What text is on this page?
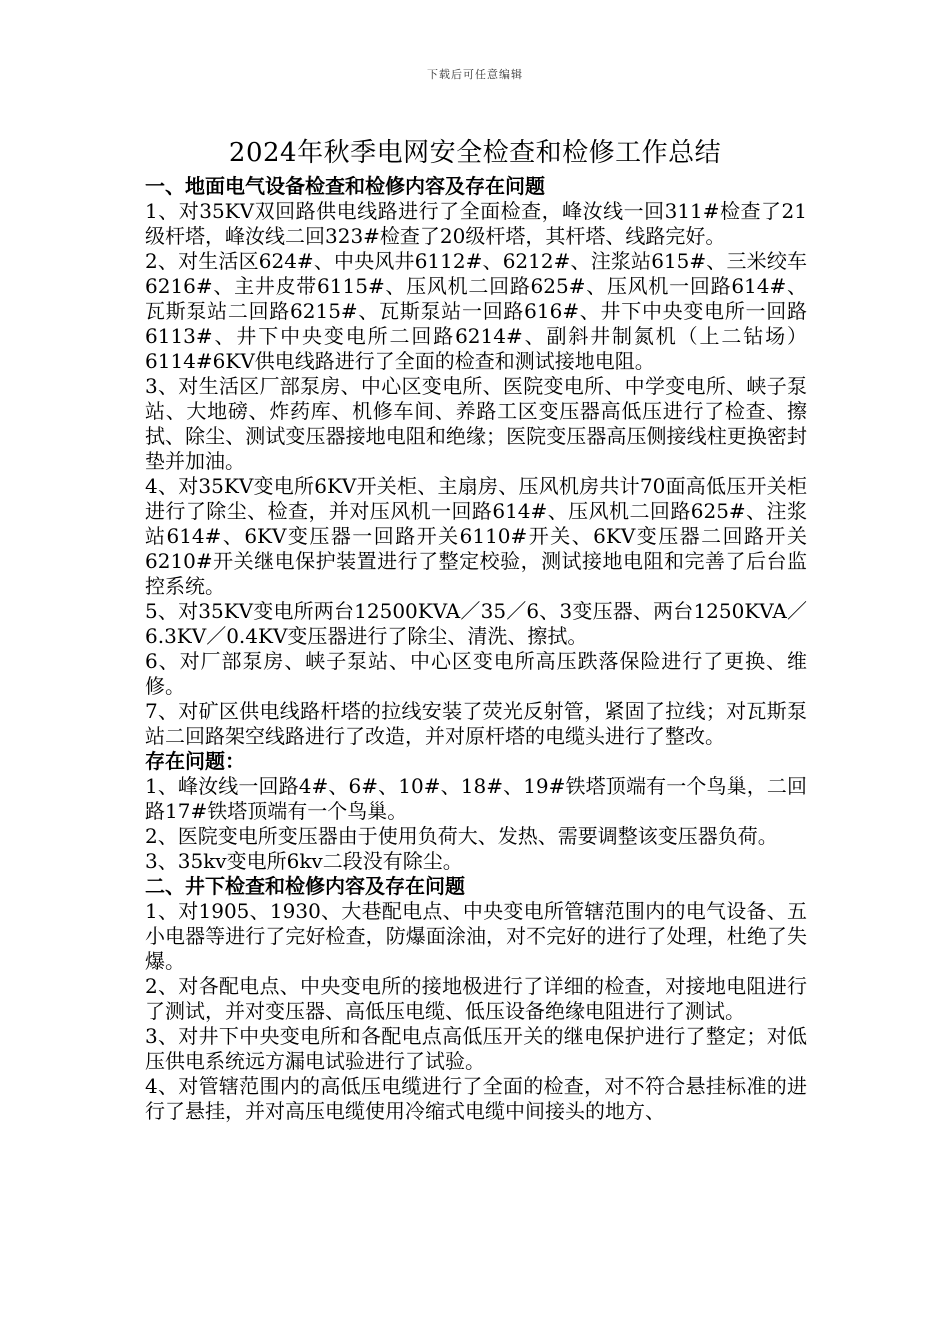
下载后可任意编辑
2024年秋季电网安全检查和检修工作总结

一、地面电气设备检查和检修内容及存在问题

1、对35KV双回路供电线路进行了全面检查，峰汝线一回311#检查了21级杆塔，峰汝线二回323#检查了20级杆塔，其杆塔、线路完好。

2、对生活区624#、中央风井6112#、6212#、注浆站615#、三米绞车6216#、主井皮带6115#、压风机二回路625#、压风机一回路614#、瓦斯泵站二回路6215#、瓦斯泵站一回路616#、井下中央变电所一回路6113#、井下中央变电所二回路6214#、副斜井制氮机（上二钻场）6114#6KV供电线路进行了全面的检查和测试接地电阻。

3、对生活区厂部泵房、中心区变电所、医院变电所、中学变电所、峡子泵站、大地磅、炸药库、机修车间、养路工区变压器高低压进行了检查、擦拭、除尘、测试变压器接地电阻和绝缘；医院变压器高压侧接线柱更换密封垫并加油。

4、对35KV变电所6KV开关柜、主扇房、压风机房共计70面高低压开关柜进行了除尘、检查，并对压风机一回路614#、压风机二回路625#、注浆站614#、6KV变压器一回路开关6110#开关、6KV变压器二回路开关6210#开关继电保护装置进行了整定校验，测试接地电阻和完善了后台监控系统。

5、对35KV变电所两台12500KVA／35／6、3变压器、两台1250KVA／6.3KV／0.4KV变压器进行了除尘、清洗、擦拭。

6、对厂部泵房、峡子泵站、中心区变电所高压跌落保险进行了更换、维修。

7、对矿区供电线路杆塔的拉线安装了荧光反射管，紧固了拉线；对瓦斯泵站二回路架空线路进行了改造，并对原杆塔的电缆头进行了整改。

存在问题：

1、峰汝线一回路4#、6#、10#、18#、19#铁塔顶端有一个鸟巢，二回路17#铁塔顶端有一个鸟巢。

2、医院变电所变压器由于使用负荷大、发热、需要调整该变压器负荷。

3、35kv变电所6kv二段没有除尘。

二、井下检查和检修内容及存在问题

1、对1905、1930、大巷配电点、中央变电所管辖范围内的电气设备、五小电器等进行了完好检查，防爆面涂油，对不完好的进行了处理，杜绝了失爆。

2、对各配电点、中央变电所的接地极进行了详细的检查，对接地电阻进行了测试，并对变压器、高低压电缆、低压设备绝缘电阻进行了测试。

3、对井下中央变电所和各配电点高低压开关的继电保护进行了整定；对低压供电系统远方漏电试验进行了试验。

4、对管辖范围内的高低压电缆进行了全面的检查，对不符合悬挂标准的进行了悬挂，并对高压电缆使用冷缩式电缆中间接头的地方、
